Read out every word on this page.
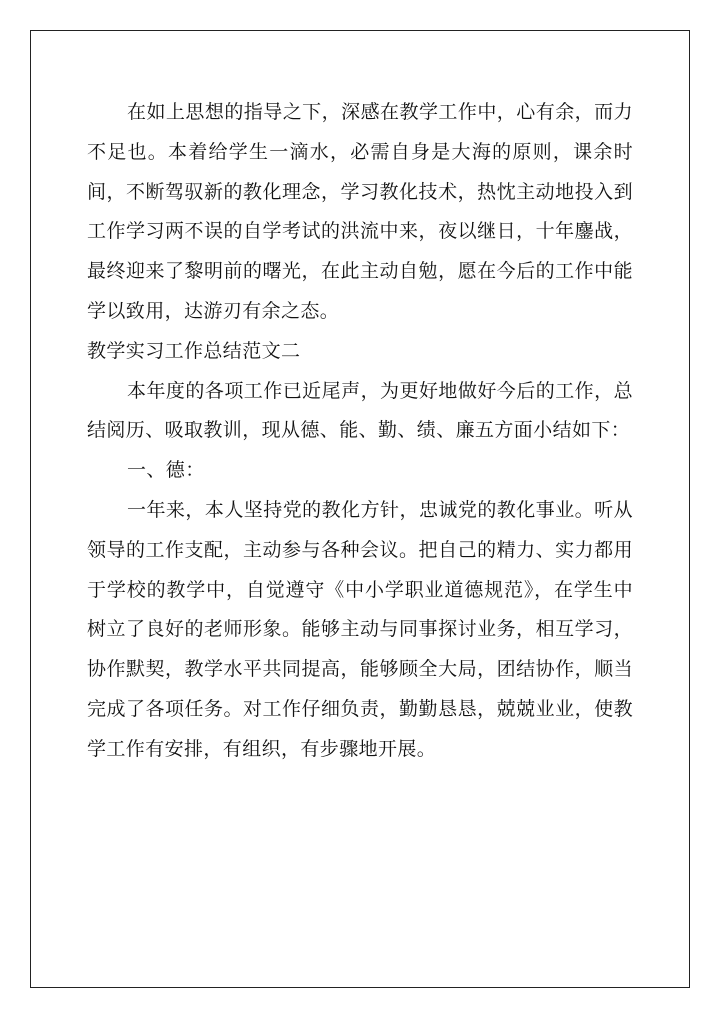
在如上思想的指导之下，深感在教学工作中，心有余，而力不足也。本着给学生一滴水，必需自身是大海的原则，课余时间，不断驾驭新的教化理念，学习教化技术，热忱主动地投入到工作学习两不误的自学考试的洪流中来，夜以继日，十年鏖战，最终迎来了黎明前的曙光，在此主动自勉，愿在今后的工作中能学以致用，达游刃有余之态。

教学实习工作总结范文二

本年度的各项工作已近尾声，为更好地做好今后的工作，总结阅历、吸取教训，现从德、能、勤、绩、廉五方面小结如下：

一、德：

一年来，本人坚持党的教化方针，忠诚党的教化事业。听从领导的工作支配，主动参与各种会议。把自己的精力、实力都用于学校的教学中，自觉遵守《中小学职业道德规范》，在学生中树立了良好的老师形象。能够主动与同事探讨业务，相互学习，协作默契，教学水平共同提高，能够顾全大局，团结协作，顺当完成了各项任务。对工作仔细负责，勤勤恳恳，兢兢业业，使教学工作有安排，有组织，有步骤地开展。
